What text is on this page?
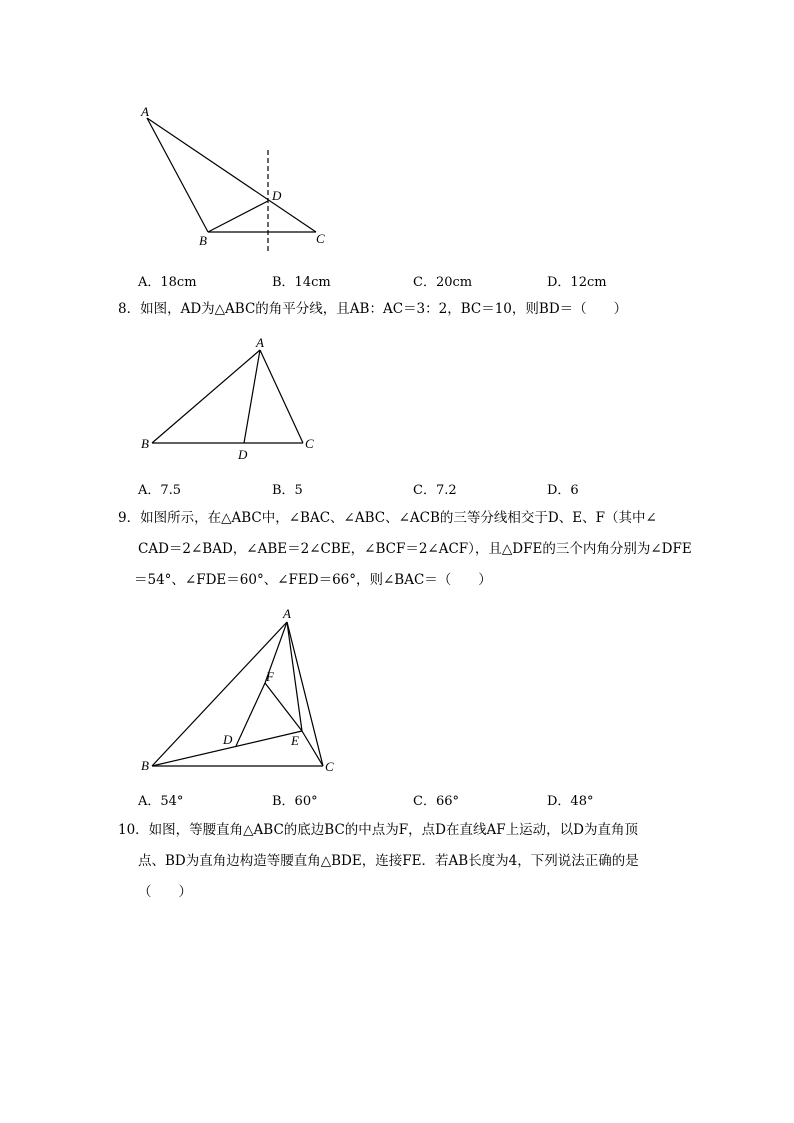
A
B	C
D
A
B	C
D
A
B	C
D	E
F
A．18cm	B．14cm	C．20cm	D．12cm
8．如图，AD为△ABC的角平分线，且AB：AC＝3：2，BC＝10，则BD＝（　　）
A．7.5	B．5	C．7.2	D．6
9．如图所示，在△ABC中，∠BAC、∠ABC、∠ACB的三等分线相交于D、E、F（其中∠
CAD＝2∠BAD，∠ABE＝2∠CBE，∠BCF＝2∠ACF），且△DFE的三个内角分别为∠DFE
＝54°、∠FDE＝60°、∠FED＝66°，则∠BAC＝（　　）
A．54°	B．60°	C．66°	D．48°
10．如图，等腰直角△ABC的底边BC的中点为F，点D在直线AF上运动，以D为直角顶
点、BD为直角边构造等腰直角△BDE，连接FE．若AB长度为4，下列说法正确的是
（　　）
